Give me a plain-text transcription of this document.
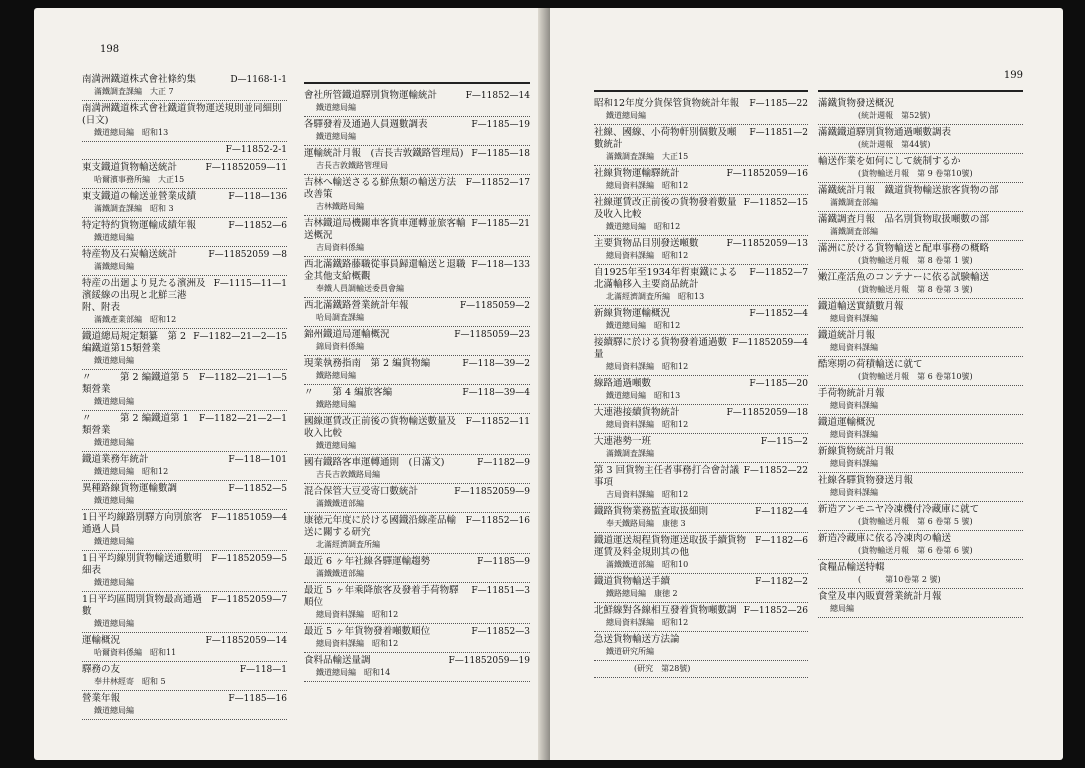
198
南満洲鐵道株式會社條約集	D—1168-1-1
滿鐵調査課編　大正 7
南満洲鐵道株式會社鐵道貨物運送規則並同細則(日文)
鐵道總局編　昭和13
F—11852-2-1
東支鐵道貨物輸送統計	F—11852059—11
哈爾濱事務所編　大正15
東支鐵道の輸送並營業成績	F—118—136
滿鐵調査課編　昭和 3
特定特約貨物運輸成績年報	F—11852—6
鐵道總局編
特産物及石炭輸送統計	F—11852059 —8
滿鐵總局編
特産の出廻より見たる濱洲及濱綏線の出現と北鮮三港　附、附表
F—1115—11—1
滿鐵產業部編　昭和12
鐵道總局規定類纂　第 2 編鐵道第15類營業
F—1182—21—2—15
鐵道總局編
〃　　　第 2 編鐵道第 5 類營業
F—1182—21—1—5
鐵道總局編
〃　　　第 2 編鐵道第 1 類營業
F—1182—21—2—1
鐵道總局編
鐵道業務年統計	F—118—101
鐵道總局編　昭和12
異種路線貨物運輸數調	F—11852—5
鐵道總局編
1日平均線路別驛方向別旅客通過人員
F—11851059—4
鐵道總局編
1日平均線別貨物輸送通數明細表
F—11852059—5
鐵道總局編
1日平均區間別貨物最高通過數
F—11852059—7
鐵道總局編
運輸概況	F—11852059—14
哈爾資料係編　昭和11
驛務の友	F—118—1
奉井林經寄　昭和 5
營業年報	F—1185—16
鐵道總局編
會社所管鐵道驛別貨物運輸統計	F—11852—14
鐵道總局編
各驛發着及通過人員週數調表	F—1185—19
鐵道總局編
運輸統計月報　(吉長吉敦鐵路管理局) F—1185—18
吉長吉敦鐵路管理局
吉林へ輸送さるる鮮魚類の輸送方法改善策
F—11852—17
吉林鐵路局編
吉林鐵道局機關車客貨車運轉並旅客輸送概況
F—1185—21
吉局資料係編
西北滿鐵路藤職從事員歸還輸送と退職金其他支給概觀
F—118—133
奉鐵人員調輸送委員會編
西北滿鐵路營業統計年報	F—1185059—2
哈局調査課編
錦州鐵道局運輸概況	F—1185059—23
錦局資料係編
現業執務指南　第 2 編貨物編	F—118—39—2
鐵路總局編
〃　　第 4 編旅客編	F—118—39—4
鐵路總局編
國線運賃改正前後の貨物輸送數量及收入比較
F—11852—11
鐵道總局編
國有鐵路客車運轉通則　(日滿文)	F—1182—9
吉長吉敦鐵路局編
混合保管大豆受寄口數統計	F—11852059—9
滿鐵鐵道部編
康徳元年度に於ける國鐵沿線產品輸送に關する研究
F—11852—16
北滿經濟調査所編
最近 6 ヶ年社線各驛運輸趨勢	F—1185—9
滿鐵鐵道部編
最近 5 ヶ年乘降旅客及發着手荷物驛順位
F—11851—3
總局資料課編　昭和12
最近 5 ヶ年貨物發着噸數順位	F—11852—3
總局資料課編　昭和12
食料品輸送量調	F—11852059—19
鐵道總局編　昭和14
199
昭和12年度分貨保管貨物統計年報	F—1185—22
鐵道總局編
社線、國線、小荷物軒別個數及噸數統計
F—11851—2
滿鐵調査課編　大正15
社線貨物運輸驛統計	F—11852059—16
總局資料課編　昭和12
社線運賃改正前後の貨物發着數量及收入比較
F—11852—15
鐵道總局編　昭和12
主要貨物品目別發送噸數	F—11852059—13
總局資料課編　昭和12
自1925年至1934年哲東鐵による北滿輸移入主要商品統計
F—11852—7
北滿經濟調査所編　昭和13
新線貨物運輸概況	F—11852—4
鐵道總局編　昭和12
接續驛に於ける貨物發着通過數量
F—11852059—4
總局資料課編　昭和12
線路通過噸數	F—1185—20
鐵道總局編　昭和13
大連港接續貨物統計	F—11852059—18
總局資料課編　昭和12
大連港勢一班	F—115—2
滿鐵調査課編
第 3 回貨物主任者事務打合會討議事項
F—11852—22
吉局資料課編　昭和12
鐵路貨物業務監査取扱細則	F—1182—4
奉天鐵路局編　康徳 3
鐵道運送規程貨物運送取扱手續貨物運賃及料金規則其の他
F—1182—6
滿鐵鐵道部編　昭和10
鐵道貨物輸送手續	F—1182—2
鐵路總局編　康徳 2
北鮮線對各線相互發着貨物噸數調 F—11852—26
總局資料課編　昭和12
急送貨物輸送方法論
鐵道研究所編
(研究　第28號)
滿鐵貨物發送概況
(統計週報　第52號)
滿鐵鐵道驛別貨物通過噸數調表
(統計週報　第44號)
輸送作業を如何にして統制するか
(貨物輸送月報　第 9 卷第10號)
滿鐵統計月報　鐵道貨物輸送旅客貨物の部
滿鐵調査部編
滿鐵調査月報　品名別貨物取扱噸數の部
滿鐵調査部編
滿洲に於ける貨物輸送と配車事務の概略
(貨物輸送月報　第 8 卷第 1 號)
嫩江產活魚のコンテナーに依る試験輸送
(貨物輸送月報　第 8 卷第 3 號)
鐵道輸送實績數月報
總局資料課編
鐵道統計月報
總局資料課編
酷寒期の荷積輸送に就て
(貨物輸送月報　第 6 卷第10號)
手荷物統計月報
總局資料課編
鐵道運輸概況
總局資料課編
新線貨物統計月報
總局資料課編
社線各驛貨物發送月報
總局資料課編
新造アンモニヤ冷凍機付冷藏庫に就て
(貨物輸送月報　第 6 卷第 5 號)
新造冷藏庫に依る冷凍肉の輸送
(貨物輸送月報　第 6 卷第 6 號)
食糧品輸送特輯
(　　　第10卷第 2 號)
食堂及車內販賣營業統計月報
總局編
